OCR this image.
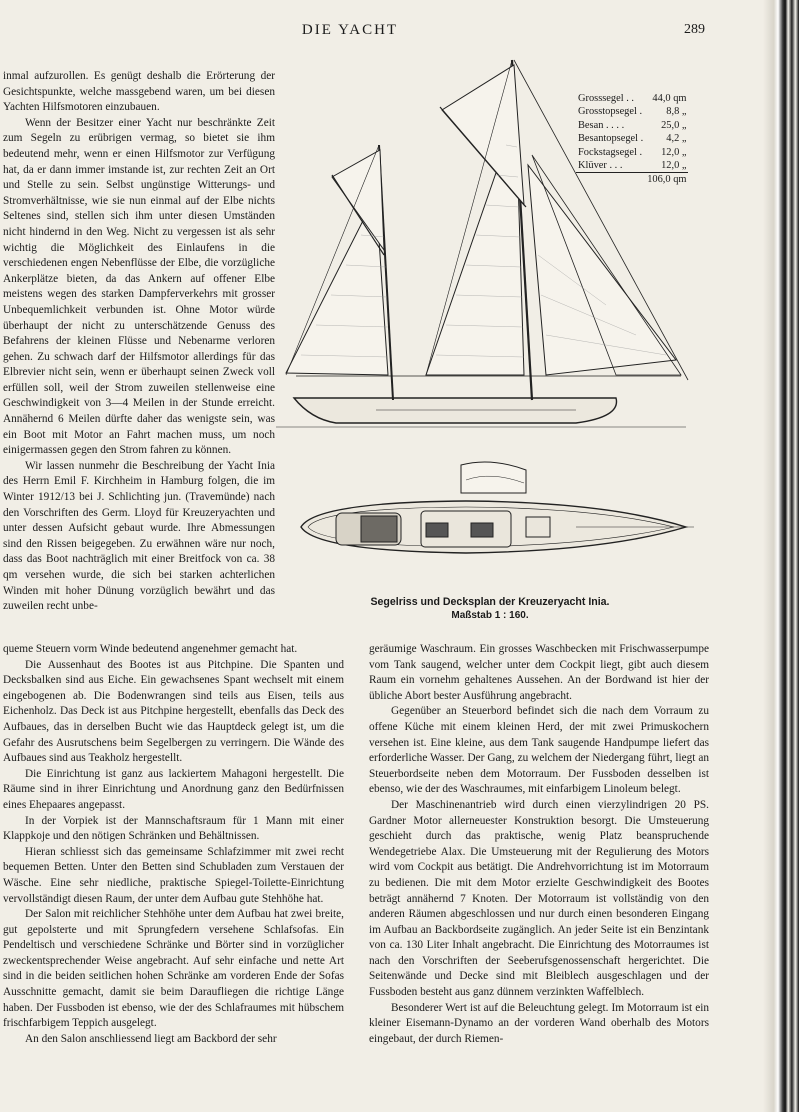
DIE YACHT	289

inmal aufzurollen. Es genügt deshalb die Erörterung der Gesichtspunkte, welche massgebend waren, um bei diesen Yachten Hilfsmotoren einzubauen.

Wenn der Besitzer einer Yacht nur beschränkte Zeit zum Segeln zu erübrigen vermag, so bietet sie ihm bedeutend mehr, wenn er einen Hilfsmotor zur Verfügung hat, da er dann immer imstande ist, zur rechten Zeit an Ort und Stelle zu sein. Selbst ungünstige Witterungs- und Stromverhältnisse, wie sie nun einmal auf der Elbe nichts Seltenes sind, stellen sich ihm unter diesen Umständen nicht hindernd in den Weg. Nicht zu vergessen ist als sehr wichtig die Möglichkeit des Einlaufens in die verschiedenen engen Nebenflüsse der Elbe, die vorzügliche Ankerplätze bieten, da das Ankern auf offener Elbe meistens wegen des starken Dampferverkehrs mit grosser Unbequemlichkeit verbunden ist. Ohne Motor würde überhaupt der nicht zu unterschätzende Genuss des Befahrens der kleinen Flüsse und Nebenarme verloren gehen. Zu schwach darf der Hilfsmotor allerdings für das Elbrevier nicht sein, wenn er überhaupt seinen Zweck voll erfüllen soll, weil der Strom zuweilen stellenweise eine Geschwindigkeit von 3—4 Meilen in der Stunde erreicht. Annähernd 6 Meilen dürfte daher das wenigste sein, was ein Boot mit Motor an Fahrt machen muss, um noch einigermassen gegen den Strom fahren zu können.

Wir lassen nunmehr die Beschreibung der Yacht Inia des Herrn Emil F. Kirchheim in Hamburg folgen, die im Winter 1912/13 bei J. Schlichting jun. (Travemünde) nach den Vorschriften des Germ. Lloyd für Kreuzeryachten und unter dessen Aufsicht gebaut wurde. Ihre Abmessungen sind den Rissen beigegeben. Zu erwähnen wäre nur noch, dass das Boot nachträglich mit einer Breitfock von ca. 38 qm versehen wurde, die sich bei starken achterlichen Winden mit hoher Dünung vorzüglich bewährt und das zuweilen recht unbe-

Grosssegel . .	44,0 qm
Grosstopsegel .	8,8 „
Besan . . . .	25,0 „
Besantopsegel .	4,2 „
Fockstagsegel .	12,0 „
Klüver . . .	12,0 „
	106,0 qm
Segelriss und Decksplan der Kreuzeryacht Inia.
Maßstab 1 : 160.

queme Steuern vorm Winde bedeutend angenehmer gemacht hat.

Die Aussenhaut des Bootes ist aus Pitchpine. Die Spanten und Decksbalken sind aus Eiche. Ein gewachsenes Spant wechselt mit einem eingebogenen ab. Die Bodenwrangen sind teils aus Eisen, teils aus Eichenholz. Das Deck ist aus Pitchpine hergestellt, ebenfalls das Deck des Aufbaues, das in derselben Bucht wie das Hauptdeck gelegt ist, um die Gefahr des Ausrutschens beim Segelbergen zu verringern. Die Wände des Aufbaues sind aus Teakholz hergestellt.

Die Einrichtung ist ganz aus lackiertem Mahagoni hergestellt. Die Räume sind in ihrer Einrichtung und Anordnung ganz den Bedürfnissen eines Ehepaares angepasst.

In der Vorpiek ist der Mannschaftsraum für 1 Mann mit einer Klappkoje und den nötigen Schränken und Behältnissen.

Hieran schliesst sich das gemeinsame Schlafzimmer mit zwei recht bequemen Betten. Unter den Betten sind Schubladen zum Verstauen der Wäsche. Eine sehr niedliche, praktische Spiegel-Toilette-Einrichtung vervollständigt diesen Raum, der unter dem Aufbau gute Stehhöhe hat.

Der Salon mit reichlicher Stehhöhe unter dem Aufbau hat zwei breite, gut gepolsterte und mit Sprungfedern versehene Schlafsofas. Ein Pendeltisch und verschiedene Schränke und Börter sind in vorzüglicher zweckentsprechender Weise angebracht. Auf sehr einfache und nette Art sind in die beiden seitlichen hohen Schränke am vorderen Ende der Sofas Ausschnitte gemacht, damit sie beim Daraufliegen die richtige Länge haben. Der Fussboden ist ebenso, wie der des Schlafraumes mit hübschem frischfarbigem Teppich ausgelegt.

An den Salon anschliessend liegt am Backbord der sehr

geräumige Waschraum. Ein grosses Waschbecken mit Frischwasserpumpe vom Tank saugend, welcher unter dem Cockpit liegt, gibt auch diesem Raum ein vornehm gehaltenes Aussehen. An der Bordwand ist hier der übliche Abort bester Ausführung angebracht.

Gegenüber an Steuerbord befindet sich die nach dem Vorraum zu offene Küche mit einem kleinen Herd, der mit zwei Primuskochern versehen ist. Eine kleine, aus dem Tank saugende Handpumpe liefert das erforderliche Wasser. Der Gang, zu welchem der Niedergang führt, liegt an Steuerbordseite neben dem Motorraum. Der Fussboden desselben ist ebenso, wie der des Waschraumes, mit einfarbigem Linoleum belegt.

Der Maschinenantrieb wird durch einen vierzylindrigen 20 PS. Gardner Motor allerneuester Konstruktion besorgt. Die Umsteuerung geschieht durch das praktische, wenig Platz beanspruchende Wendegetriebe Alax. Die Umsteuerung mit der Regulierung des Motors wird vom Cockpit aus betätigt. Die Andrehvorrichtung ist im Motorraum zu bedienen. Die mit dem Motor erzielte Geschwindigkeit des Bootes beträgt annähernd 7 Knoten. Der Motorraum ist vollständig von den anderen Räumen abgeschlossen und nur durch einen besonderen Eingang im Aufbau an Backbordseite zugänglich. An jeder Seite ist ein Benzintank von ca. 130 Liter Inhalt angebracht. Die Einrichtung des Motorraumes ist nach den Vorschriften der Seeberufsgenossenschaft hergerichtet. Die Seitenwände und Decke sind mit Bleiblech ausgeschlagen und der Fussboden besteht aus ganz dünnem verzinkten Waffelblech.

Besonderer Wert ist auf die Beleuchtung gelegt. Im Motorraum ist ein kleiner Eisemann-Dynamo an der vorderen Wand oberhalb des Motors eingebaut, der durch Riemen-
